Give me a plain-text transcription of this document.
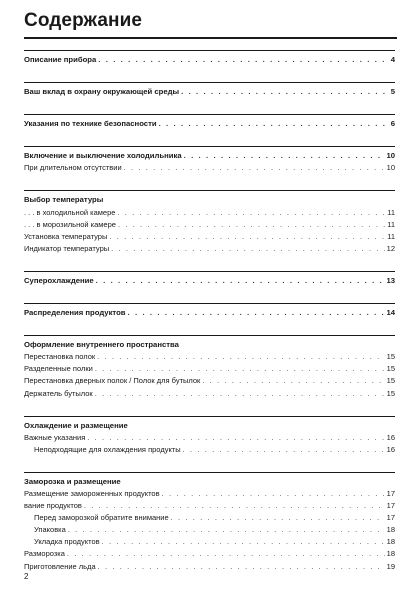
Содержание
Описание прибора . . .	4
Ваш вклад в охрану окружающей среды . . .	5
Указания по технике безопасности . . .	6
Включение и выключение холодильника . . .	10
При длительном отсутствии . . .	10
Выбор температуры
. . . в холодильной камере . . .	11
. . . в морозильной камере . . .	11
Установка температуры . . .	11
Индикатор температуры . . .	12
Суперохлаждение . . .	13
Распределения продуктов . . .	14
Оформление внутреннего пространства
Перестановка полок . . .	15
Разделенные полки . . .	15
Перестановка дверных полок / Полок для бутылок . . .	15
Держатель бутылок . . .	15
Охлаждение и размещение
Важные указания . . .	16
Неподходящие для охлаждения продукты . . .	16
Заморозка и размещение
Размещение замороженных продуктов . . .	17
вание продуктов . . .	17
Перед заморозкой обратите внимание . . .	17
Упаковка . . .	18
Укладка продуктов . . .	18
Разморозка . . .	18
Приготовление льда . . .	19
2
